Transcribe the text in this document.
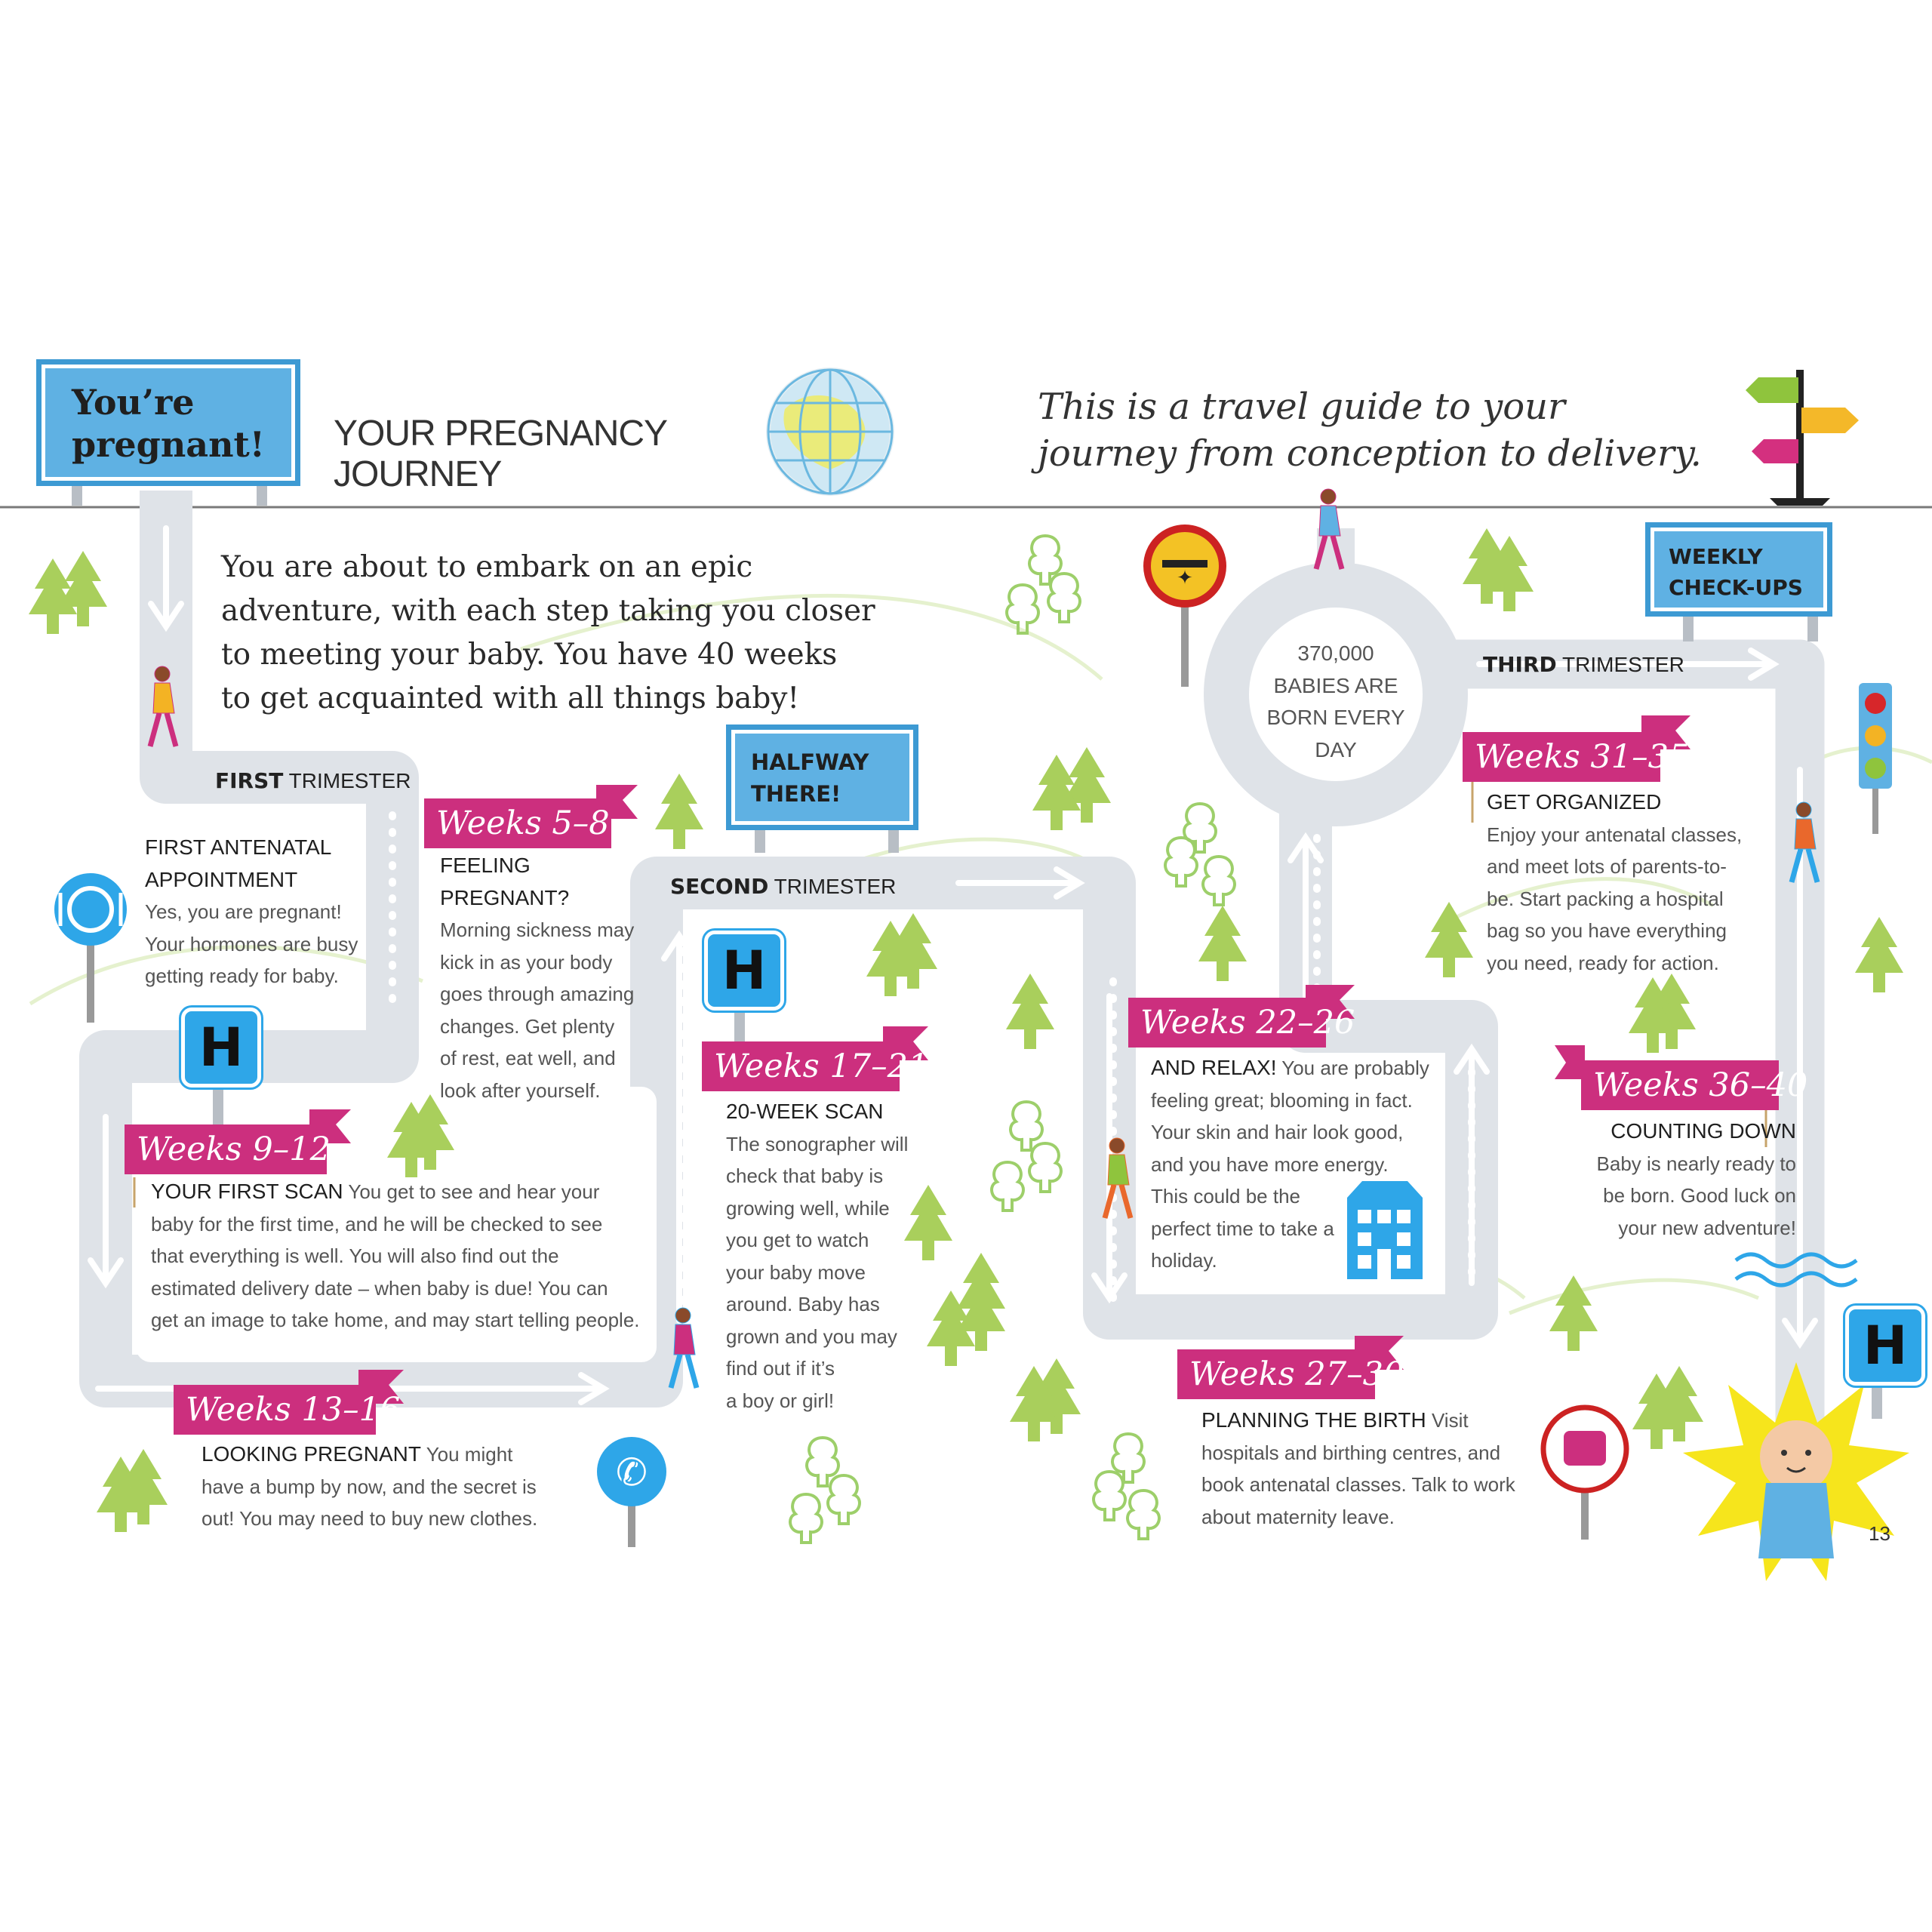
✦
✆
You’re pregnant! YOUR PREGNANCY
JOURNEY
This is a travel guide to your
journey from conception to delivery.
You are about to embark on an epic
adventure, with each step taking you closer
to meeting your baby. You have 40 weeks
to get acquainted with all things baby!
FIRST TRIMESTER
SECOND TRIMESTER
THIRD TRIMESTER
HALFWAY
THERE!
WEEKLY
CHECK-UPS
H
H
H
370,000
BABIES ARE
BORN EVERY
DAY
FIRST ANTENATAL
APPOINTMENT
Yes, you are pregnant!
Your hormones are busy
getting ready for baby.
Weeks 5–8
FEELING
PREGNANT?
Morning sickness may
kick in as your body
goes through amazing
changes. Get plenty
of rest, eat well, and
look after yourself.
Weeks 9–12
YOUR FIRST SCAN You get to see and hear your
baby for the first time, and he will be checked to see
that everything is well. You will also find out the
estimated delivery date – when baby is due! You can
get an image to take home, and may start telling people.
Weeks 13–16
LOOKING PREGNANT You might
have a bump by now, and the secret is
out! You may need to buy new clothes.
Weeks 17–21
20-WEEK SCAN
The sonographer will
check that baby is
growing well, while
you get to watch
your baby move
around. Baby has
grown and you may
find out if it’s
a boy or girl!
Weeks 22–26
AND RELAX! You are probably
feeling great; blooming in fact.
Your skin and hair look good,
and you have more energy.
This could be the
perfect time to take a
holiday.
Weeks 27–30
PLANNING THE BIRTH Visit
hospitals and birthing centres, and
book antenatal classes. Talk to work
about maternity leave.
Weeks 31–35
GET ORGANIZED
Enjoy your antenatal classes,
and meet lots of parents-to-
be. Start packing a hospital
bag so you have everything
you need, ready for action.
Weeks 36–40
COUNTING DOWN
Baby is nearly ready to
be born. Good luck on
your new adventure!
13
